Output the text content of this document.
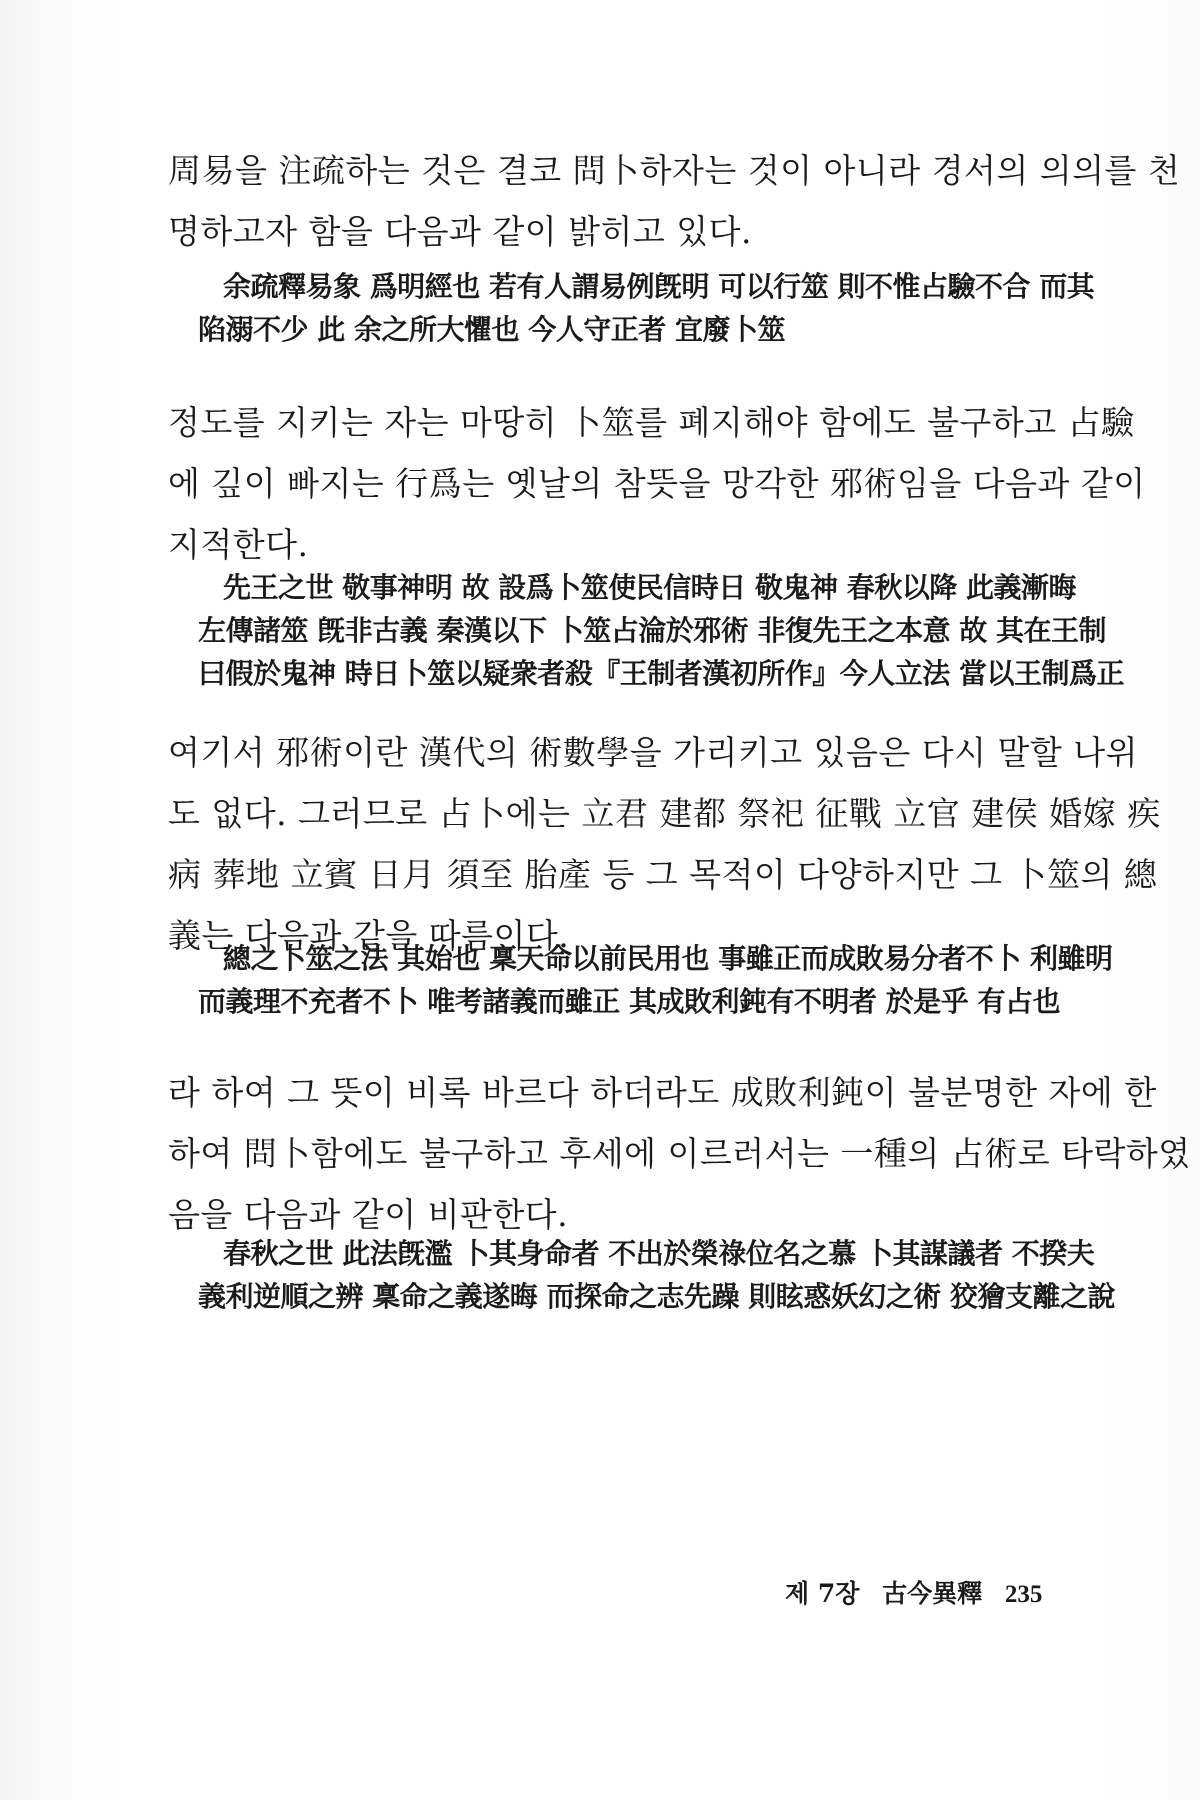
周易을 注疏하는 것은 결코 問卜하자는 것이 아니라 경서의 의의를 천
명하고자 함을 다음과 같이 밝히고 있다.

余疏釋易象 爲明經也 若有人謂易例旣明 可以行筮 則不惟占驗不合 而其
陷溺不少 此 余之所大懼也 今人守正者 宜廢卜筮

정도를 지키는 자는 마땅히 卜筮를 폐지해야 함에도 불구하고 占驗
에 깊이 빠지는 行爲는 옛날의 참뜻을 망각한 邪術임을 다음과 같이
지적한다.

先王之世 敬事神明 故 設爲卜筮使民信時日 敬鬼神 春秋以降 此義漸晦
左傳諸筮 旣非古義 秦漢以下 卜筮占淪於邪術 非復先王之本意 故 其在王制
曰假於鬼神 時日卜筮以疑衆者殺『王制者漢初所作』今人立法 當以王制爲正

여기서 邪術이란 漢代의 術數學을 가리키고 있음은 다시 말할 나위
도 없다. 그러므로 占卜에는 立君 建都 祭祀 征戰 立官 建侯 婚嫁 疾
病 葬地 立賓 日月 須至 胎產 등 그 목적이 다양하지만 그 卜筮의 總
義는 다음과 같을 따름이다.

總之卜筮之法 其始也 稟天命以前民用也 事雖正而成敗易分者不卜 利雖明
而義理不充者不卜 唯考諸義而雖正 其成敗利鈍有不明者 於是乎 有占也

라 하여 그 뜻이 비록 바르다 하더라도 成敗利鈍이 불분명한 자에 한
하여 問卜함에도 불구하고 후세에 이르러서는 一種의 占術로 타락하였
음을 다음과 같이 비판한다.

春秋之世 此法旣濫 卜其身命者 不出於榮祿位名之慕 卜其謀議者 不揆夫
義利逆順之辨 稟命之義遂晦 而探命之志先躁 則眩惑妖幻之術 狡獪支離之說

제 7장 古今異釋 235
